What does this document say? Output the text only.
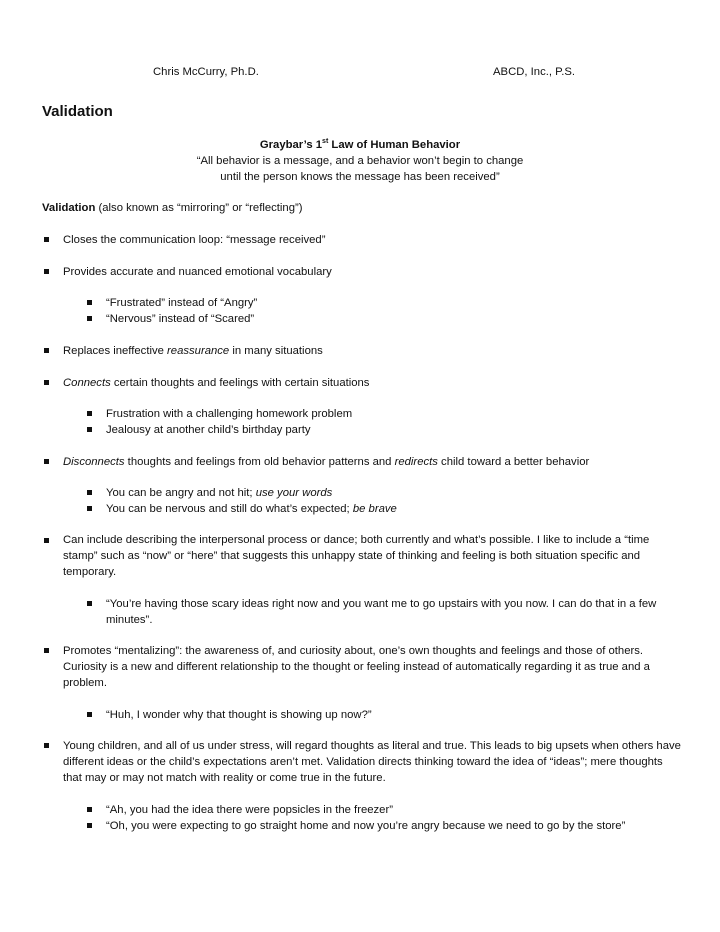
Chris McCurry, Ph.D.	ABCD, Inc., P.S.
Validation
Graybar’s 1st Law of Human Behavior
“All behavior is a message, and a behavior won’t begin to change
until the person knows the message has been received”
Validation (also known as “mirroring” or “reflecting”)
Closes the communication loop: “message received”
Provides accurate and nuanced emotional vocabulary
“Frustrated” instead of “Angry”
“Nervous” instead of “Scared”
Replaces ineffective reassurance in many situations
Connects certain thoughts and feelings with certain situations
Frustration with a challenging homework problem
Jealousy at another child’s birthday party
Disconnects thoughts and feelings from old behavior patterns and redirects child toward a better behavior
You can be angry and not hit; use your words
You can be nervous and still do what’s expected; be brave
Can include describing the interpersonal process or dance; both currently and what’s possible. I like to include a “time stamp” such as “now” or “here” that suggests this unhappy state of thinking and feeling is both situation specific and temporary.
“You’re having those scary ideas right now and you want me to go upstairs with you now. I can do that in a few minutes”.
Promotes “mentalizing”: the awareness of, and curiosity about, one’s own thoughts and feelings and those of others. Curiosity is a new and different relationship to the thought or feeling instead of automatically regarding it as true and a problem.
“Huh, I wonder why that thought is showing up now?”
Young children, and all of us under stress, will regard thoughts as literal and true. This leads to big upsets when others have different ideas or the child’s expectations aren’t met. Validation directs thinking toward the idea of “ideas”; mere thoughts that may or may not match with reality or come true in the future.
“Ah, you had the idea there were popsicles in the freezer”
“Oh, you were expecting to go straight home and now you’re angry because we need to go by the store”
